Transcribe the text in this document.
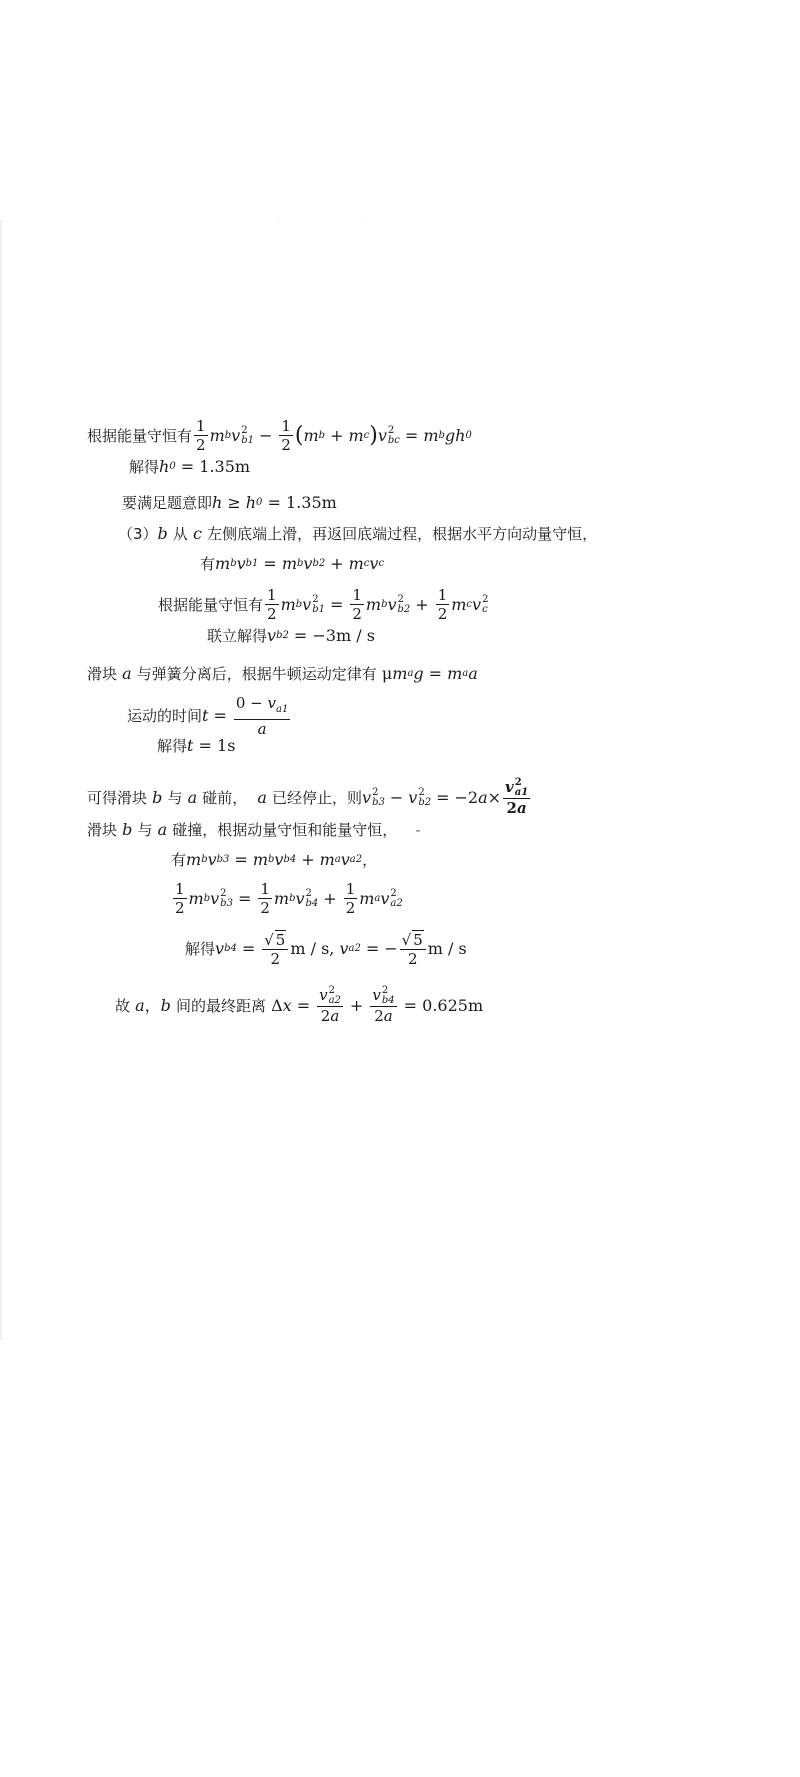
· ·
根据能量守恒有 $\frac{1}{2}$ m b v 2
$b1 - \frac{1}{2}$ ( m b + m c ) v 2
bc = m b gh 0
解得 h 0
= 1.35m
要满足题意即 h ≥ h 0
= 1.35m
（3） b
从
c
左侧底端上滑，再返回底端过程，根据水平方向动量守恒，
有 m b v b1 = m b v b2 + m c v c
根据能量守恒有 $\frac{1}{2}$ m b v 2
$b1 = \frac{1}{2}$ m b v 2
$b2 + \frac{1}{2}$ m c v 2
c
联立解得 v b2
= −3m / s
滑块
a
与弹簧分离后，根据牛顿运动定律有
μ m a g = m a a
运动的时间 $t = \frac{0 - v_{a1}}{a}$
解得 t
= 1s
可得滑块
b
与
a
碰前，
a
已经停止，则 v 2
b3 − v 2
b2 = −2 a × v 2
a1
2a
滑块
b
与
a
碰撞，根据动量守恒和能量守恒， -
有 m b v b3 = m b v b4 + m a v a2 ，
$\frac{1}{2}$ m b v 2
$b3 = \frac{1}{2}$ m b v 2
$b4 + \frac{1}{2}$ m a v 2
a2
解得 v $b4 = \frac{√ 5}{2}$ m / s,
v a2 = − $\frac{√ 5}{2}$ m / s
故
a ， b
间的最终距离 Δ x = v 2
a2
2a + v 2
b4
2a
= 0.625m
